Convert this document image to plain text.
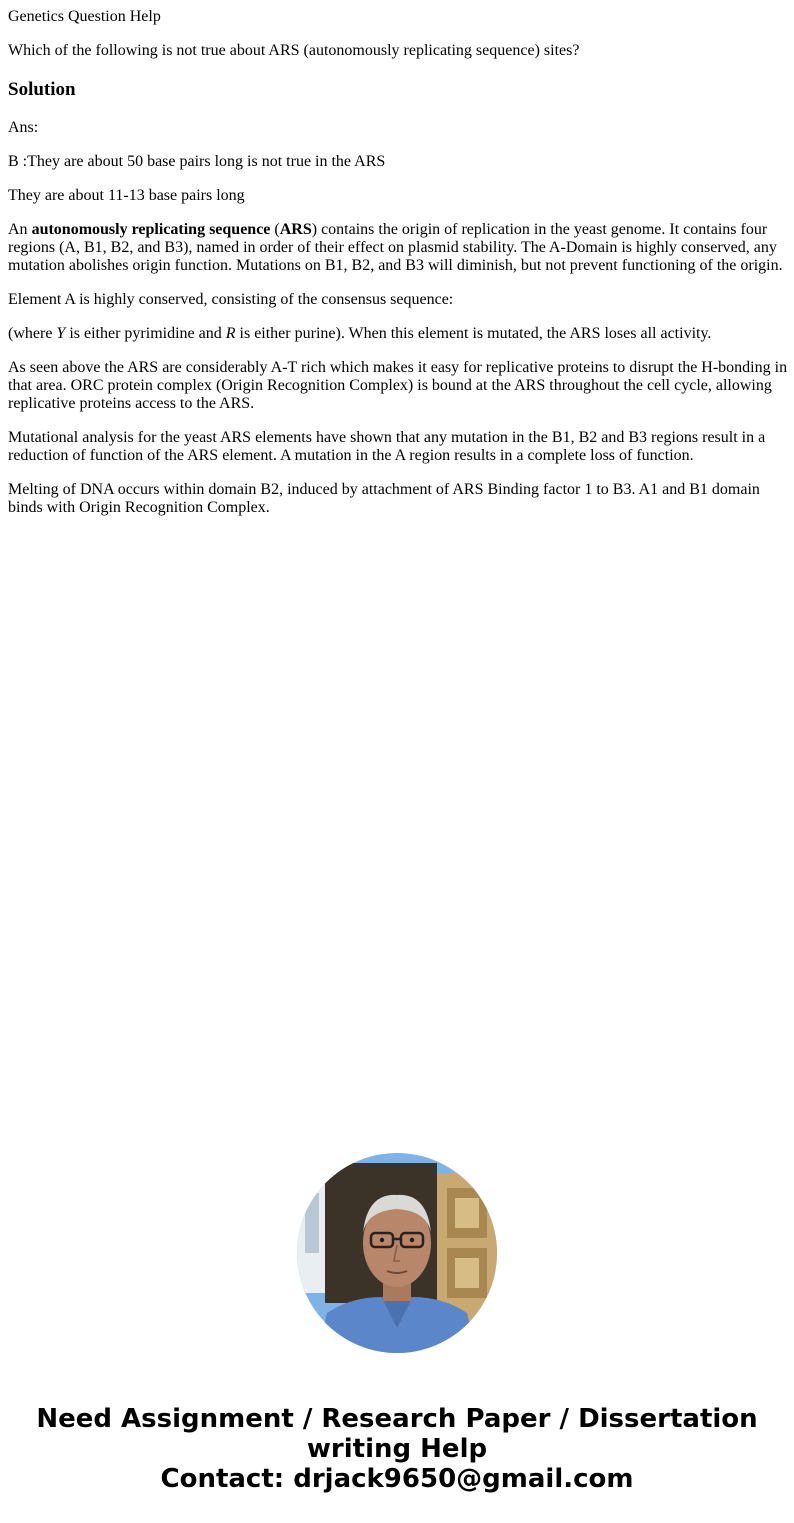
Genetics Question Help

Which of the following is not true about ARS (autonomously replicating sequence) sites?

Solution

Ans:

B :They are about 50 base pairs long is not true in the ARS

They are about 11-13 base pairs long

An autonomously replicating sequence (ARS) contains the origin of replication in the yeast genome. It contains four regions (A, B1, B2, and B3), named in order of their effect on plasmid stability. The A-Domain is highly conserved, any mutation abolishes origin function. Mutations on B1, B2, and B3 will diminish, but not prevent functioning of the origin.

Element A is highly conserved, consisting of the consensus sequence:

(where Y is either pyrimidine and R is either purine). When this element is mutated, the ARS loses all activity.

As seen above the ARS are considerably A-T rich which makes it easy for replicative proteins to disrupt the H-bonding in that area. ORC protein complex (Origin Recognition Complex) is bound at the ARS throughout the cell cycle, allowing replicative proteins access to the ARS.

Mutational analysis for the yeast ARS elements have shown that any mutation in the B1, B2 and B3 regions result in a reduction of function of the ARS element. A mutation in the A region results in a complete loss of function.

Melting of DNA occurs within domain B2, induced by attachment of ARS Binding factor 1 to B3. A1 and B1 domain binds with Origin Recognition Complex.

Need Assignment / Research Paper / Dissertation
writing Help
Contact: drjack9650@gmail.com
